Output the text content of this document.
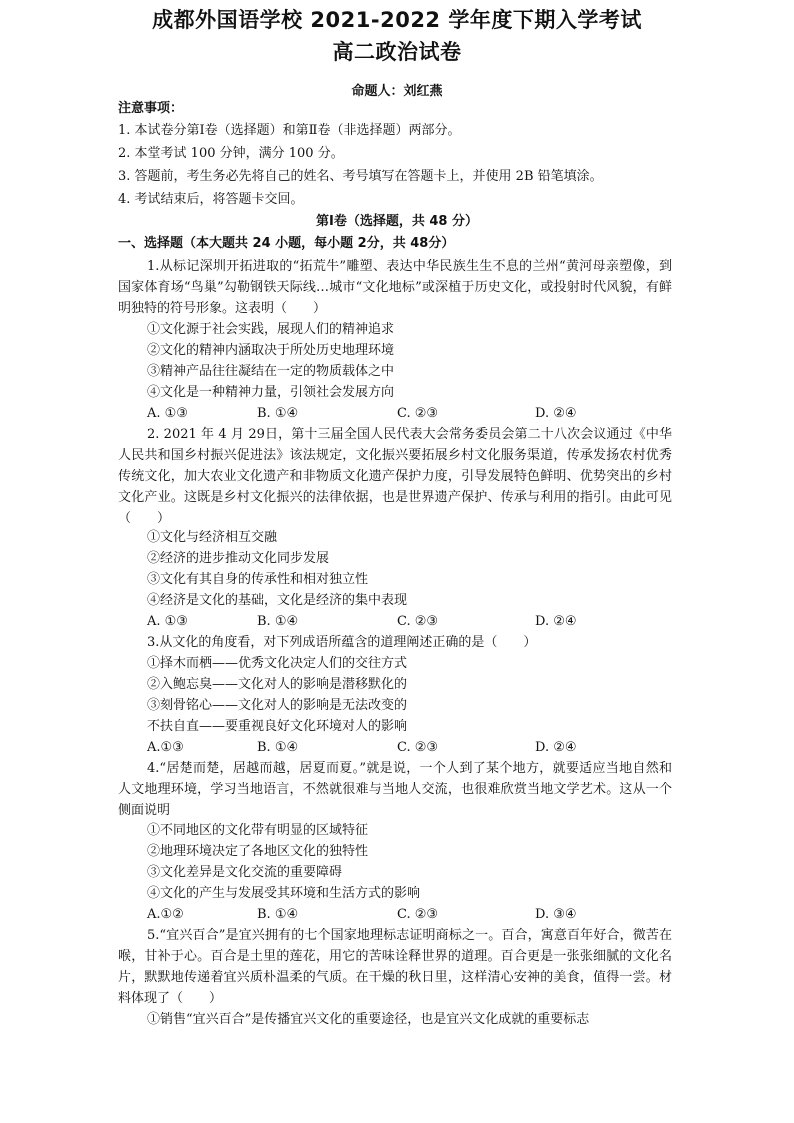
成都外国语学校 2021-2022 学年度下期入学考试
高二政治试卷
命题人：刘红燕
注意事项：
1. 本试卷分第Ⅰ卷（选择题）和第Ⅱ卷（非选择题）两部分。
2. 本堂考试 100 分钟，满分 100 分。
3. 答题前，考生务必先将自己的姓名、考号填写在答题卡上，并使用 2B 铅笔填涂。
4. 考试结束后，将答题卡交回。
第Ⅰ卷（选择题，共 48 分）
一、选择题（本大题共 24 小题，每小题 2分，共 48分）
1.从标记深圳开拓进取的“拓荒牛”雕塑、表达中华民族生生不息的兰州“黄河母亲塑像，到国家体育场“鸟巢”勾勒钢铁天际线…城市“文化地标”或深植于历史文化，或投射时代风貌，有鲜明独特的符号形象。这表明（　　）
①文化源于社会实践，展现人们的精神追求
②文化的精神内涵取决于所处历史地理环境
③精神产品往往凝结在一定的物质载体之中
④文化是一种精神力量，引领社会发展方向
A. ①③	B. ①④	C. ②③	D. ②④
2. 2021 年 4 月 29日，第十三届全国人民代表大会常务委员会第二十八次会议通过《中华人民共和国乡村振兴促进法》该法规定，文化振兴要拓展乡村文化服务渠道，传承发扬农村优秀传统文化，加大农业文化遗产和非物质文化遗产保护力度，引导发展特色鲜明、优势突出的乡村文化产业。这既是乡村文化振兴的法律依据，也是世界遗产保护、传承与利用的指引。由此可见（　　）
①文化与经济相互交融
②经济的进步推动文化同步发展
③文化有其自身的传承性和相对独立性
④经济是文化的基础，文化是经济的集中表现
A. ①③	B. ①④	C. ②③	D. ②④
3.从文化的角度看，对下列成语所蕴含的道理阐述正确的是（　　）
①择木而栖——优秀文化决定人们的交往方式
②入鲍忘臭——文化对人的影响是潜移默化的
③刻骨铭心——文化对人的影响是无法改变的
不扶自直——要重视良好文化环境对人的影响
A.①③	B. ①④	C. ②③	D. ②④
4.“居楚而楚，居越而越，居夏而夏。”就是说，一个人到了某个地方，就要适应当地自然和人文地理环境，学习当地语言，不然就很难与当地人交流，也很难欣赏当地文学艺术。这从一个侧面说明
①不同地区的文化带有明显的区域特征
②地理环境决定了各地区文化的独特性
③文化差异是文化交流的重要障碍
④文化的产生与发展受其环境和生活方式的影响
A.①②	B. ①④	C. ②③	D. ③④
5.“宜兴百合”是宜兴拥有的七个国家地理标志证明商标之一。百合，寓意百年好合，微苦在喉，甘补于心。百合是土里的莲花，用它的苦味诠释世界的道理。百合更是一张张细腻的文化名片，默默地传递着宜兴质朴温柔的气质。在干燥的秋日里，这样清心安神的美食，值得一尝。材料体现了（　　）
①销售“宜兴百合”是传播宜兴文化的重要途径，也是宜兴文化成就的重要标志
